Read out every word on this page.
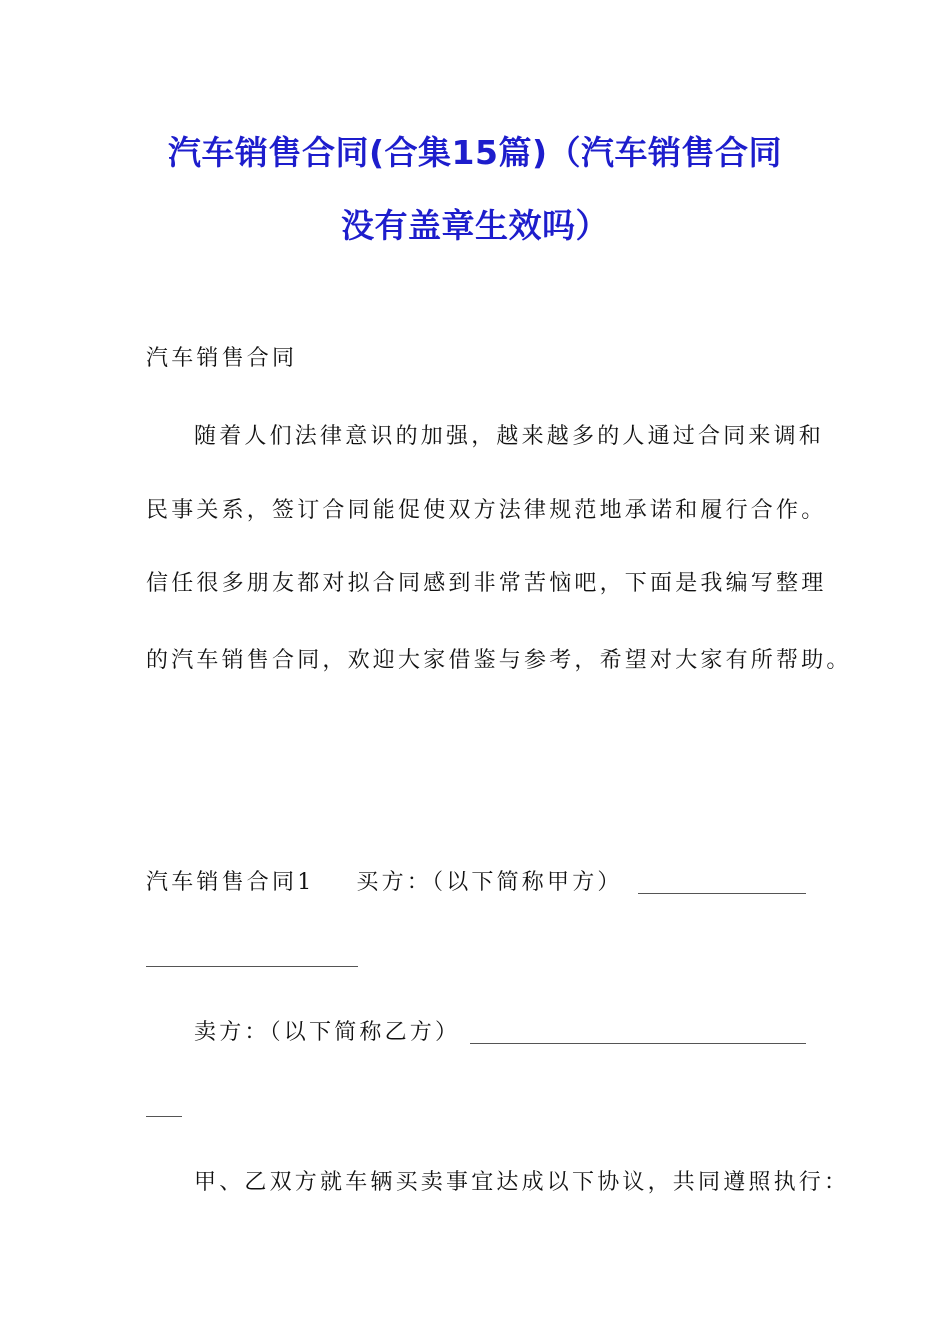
汽车销售合同(合集15篇)（汽车销售合同
没有盖章生效吗）
汽车销售合同
随着人们法律意识的加强，越来越多的人通过合同来调和
民事关系，签订合同能促使双方法律规范地承诺和履行合作。
信任很多朋友都对拟合同感到非常苦恼吧，下面是我编写整理
的汽车销售合同，欢迎大家借鉴与参考，希望对大家有所帮助。
汽车销售合同1 买方：（以下简称甲方）
卖方：（以下简称乙方）
甲、乙双方就车辆买卖事宜达成以下协议，共同遵照执行：
